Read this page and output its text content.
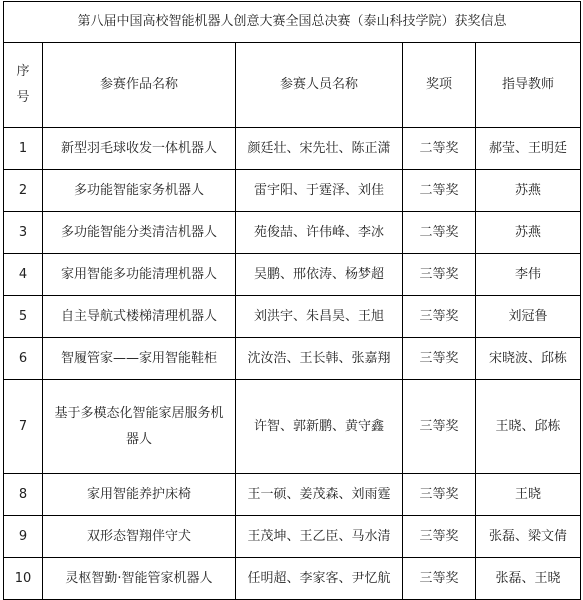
第八届中国高校智能机器人创意大赛全国总决赛（泰山科技学院）获奖信息				
序
号	参赛作品名称	参赛人员名称	奖项	指导教师
1	新型羽毛球收发一体机器人	颜廷壮、宋先壮、陈正潇	二等奖	郝莹、王明廷
2	多功能智能家务机器人	雷宇阳、于霆泽、刘佳	二等奖	苏燕
3	多功能智能分类清洁机器人	苑俊喆、许伟峰、李冰	二等奖	苏燕
4	家用智能多功能清理机器人	吴鹏、邢依涛、杨梦超	三等奖	李伟
5	自主导航式楼梯清理机器人	刘洪宇、朱昌昊、王旭	三等奖	刘冠鲁
6	智履管家——家用智能鞋柜	沈汝浩、王长韩、张嘉翔	三等奖	宋晓波、邱栋
7	基于多模态化智能家居服务机器人	许智、郭新鹏、黄守鑫	三等奖	王晓、邱栋
8	家用智能养护床椅	王一硕、姜茂森、刘雨霆	三等奖	王晓
9	双形态智翔伴守犬	王茂坤、王乙臣、马水清	三等奖	张磊、梁文倩
10	灵枢智勤·智能管家机器人	任明超、李家客、尹忆航	三等奖	张磊、王晓
